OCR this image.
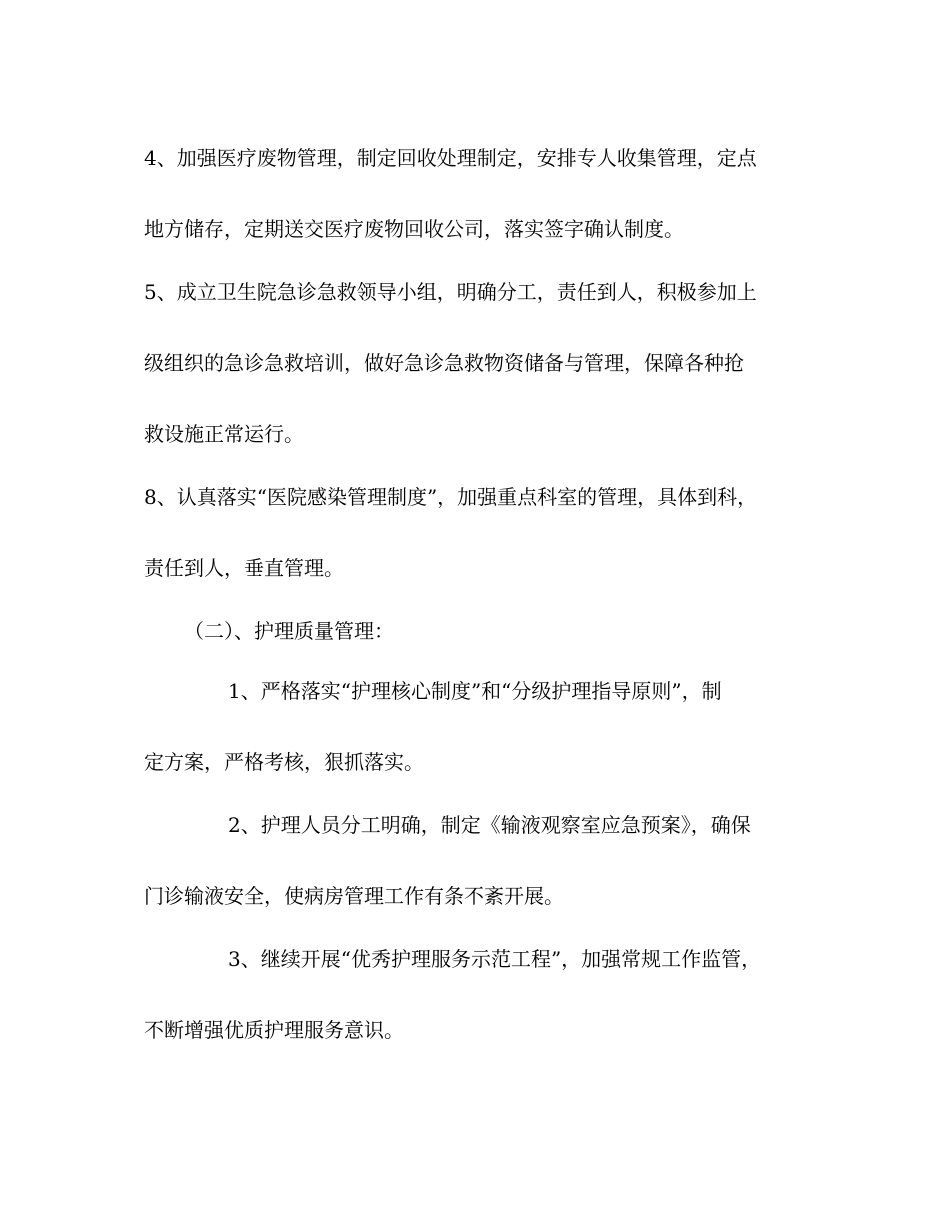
4、加强医疗废物管理，制定回收处理制定，安排专人收集管理，定点

地方储存，定期送交医疗废物回收公司，落实签字确认制度。

5、成立卫生院急诊急救领导小组，明确分工，责任到人，积极参加上

级组织的急诊急救培训，做好急诊急救物资储备与管理，保障各种抢

救设施正常运行。

8、认真落实“医院感染管理制度”，加强重点科室的管理，具体到科，

责任到人，垂直管理。

（二）、护理质量管理：

1、严格落实“护理核心制度”和“分级护理指导原则”，制

定方案，严格考核，狠抓落实。

2、护理人员分工明确，制定《输液观察室应急预案》，确保

门诊输液安全，使病房管理工作有条不紊开展。

3、继续开展“优秀护理服务示范工程”，加强常规工作监管，

不断增强优质护理服务意识。
